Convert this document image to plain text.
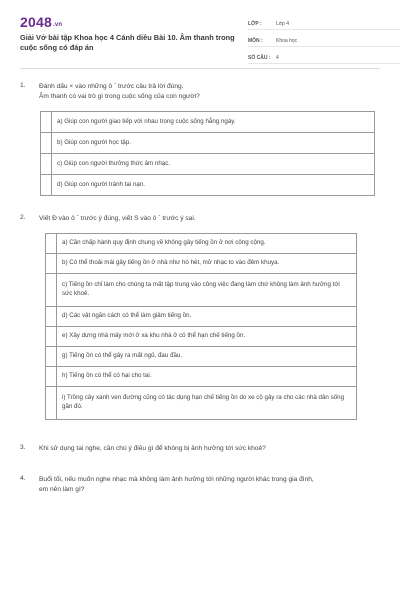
2048.vn
Giải Vở bài tập Khoa học 4 Cánh diều Bài 10. Âm thanh trong cuộc sống có đáp án
LỚP :	Lớp 4
MÔN :	Khoa học
SỐ CÂU :	4
1. Đánh dấu × vào những ô ˉ trước câu trả lời đúng.
Âm thanh có vai trò gì trong cuộc sống của con người?
	a) Giúp con người giao tiếp với nhau trong cuộc sống hằng ngày.
	b) Giúp con người học tập.
	c) Giúp con người thưởng thức âm nhạc.
	d) Giúp con người tránh tai nạn.
2. Viết Đ vào ô ˉ trước ý đúng, viết S vào ô ˉ trước ý sai.
	a) Cần chấp hành quy định chung về không gây tiếng ồn ở nơi công cộng.
	b) Có thể thoải mái gây tiếng ồn ở nhà như hò hét, mở nhạc to vào đêm khuya.
	c) Tiếng ồn chỉ làm cho chúng ta mất tập trung vào công việc đang làm chứ không làm ảnh hưởng tới sức khoẻ.
	d) Các vật ngăn cách có thể làm giảm tiếng ồn.
	e) Xây dựng nhà máy mới ở xa khu nhà ở có thể hạn chế tiếng ồn.
	g) Tiếng ồn có thể gây ra mất ngủ, đau đầu.
	h) Tiếng ồn có thể có hại cho tai.
	i) Trồng cây xanh ven đường cũng có tác dụng hạn chế tiếng ồn do xe cộ gây ra cho các nhà dân sống gần đó.
3. Khi sử dụng tai nghe, cần chú ý điều gì để không bị ảnh hưởng tới sức khoẻ?
4. Buổi tối, nếu muốn nghe nhạc mà không làm ảnh hưởng tới những người khác trong gia đình,
em nên làm gì?
